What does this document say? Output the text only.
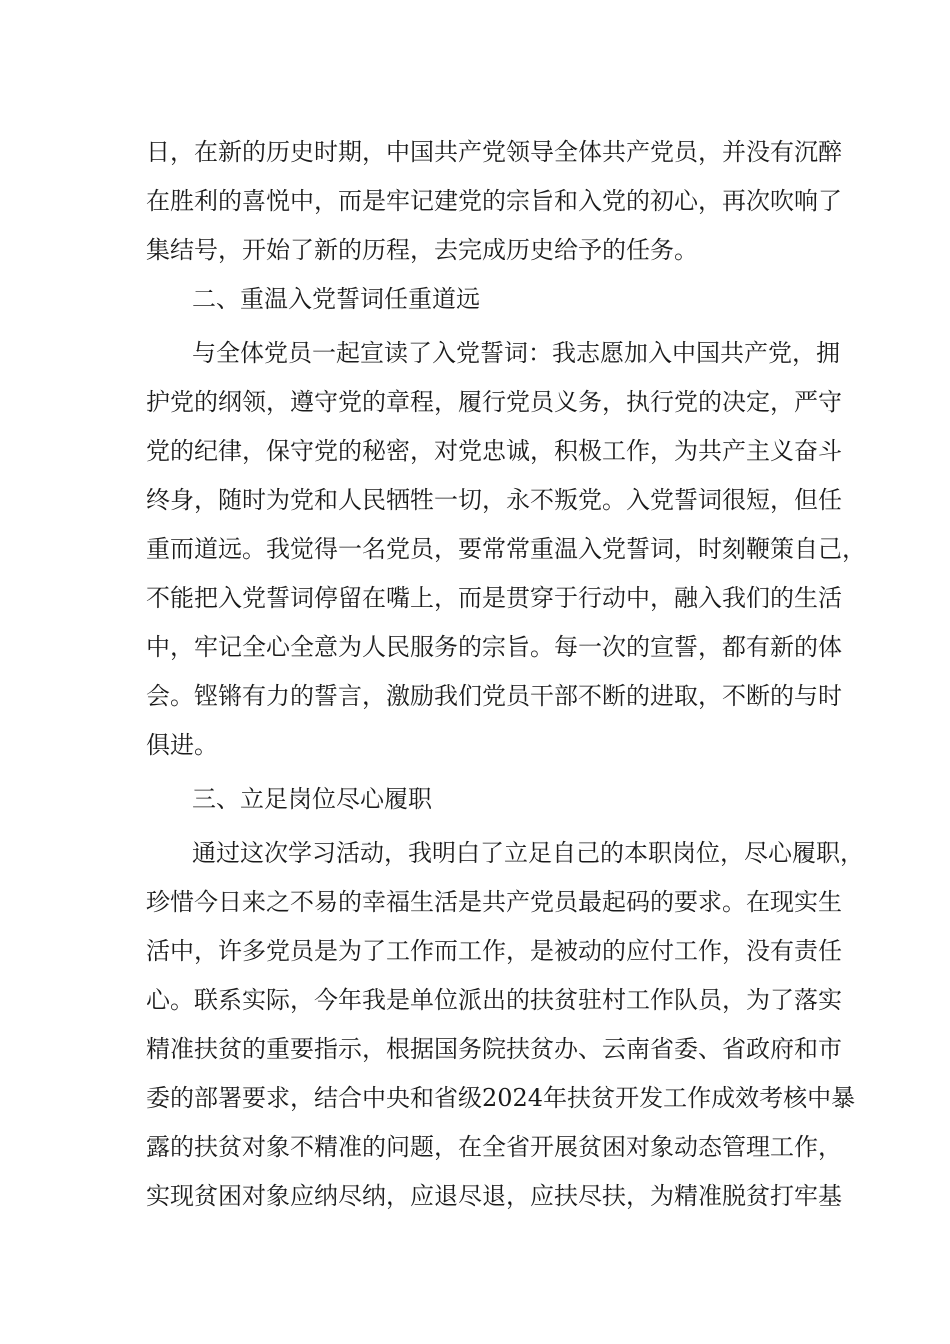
日，在新的历史时期，中国共产党领导全体共产党员，并没有沉醉
在胜利的喜悦中，而是牢记建党的宗旨和入党的初心，再次吹响了
集结号，开始了新的历程，去完成历史给予的任务。
二、重温入党誓词任重道远
与全体党员一起宣读了入党誓词：我志愿加入中国共产党，拥
护党的纲领，遵守党的章程，履行党员义务，执行党的决定，严守
党的纪律，保守党的秘密，对党忠诚，积极工作，为共产主义奋斗
终身，随时为党和人民牺牲一切，永不叛党。入党誓词很短，但任
重而道远。我觉得一名党员，要常常重温入党誓词，时刻鞭策自己，
不能把入党誓词停留在嘴上，而是贯穿于行动中，融入我们的生活
中，牢记全心全意为人民服务的宗旨。每一次的宣誓，都有新的体
会。铿锵有力的誓言，激励我们党员干部不断的进取，不断的与时
俱进。
三、立足岗位尽心履职
通过这次学习活动，我明白了立足自己的本职岗位，尽心履职，
珍惜今日来之不易的幸福生活是共产党员最起码的要求。在现实生
活中，许多党员是为了工作而工作，是被动的应付工作，没有责任
心。联系实际，今年我是单位派出的扶贫驻村工作队员，为了落实
精准扶贫的重要指示，根据国务院扶贫办、云南省委、省政府和市
委的部署要求，结合中央和省级2024年扶贫开发工作成效考核中暴
露的扶贫对象不精准的问题，在全省开展贫困对象动态管理工作，
实现贫困对象应纳尽纳，应退尽退，应扶尽扶，为精准脱贫打牢基
